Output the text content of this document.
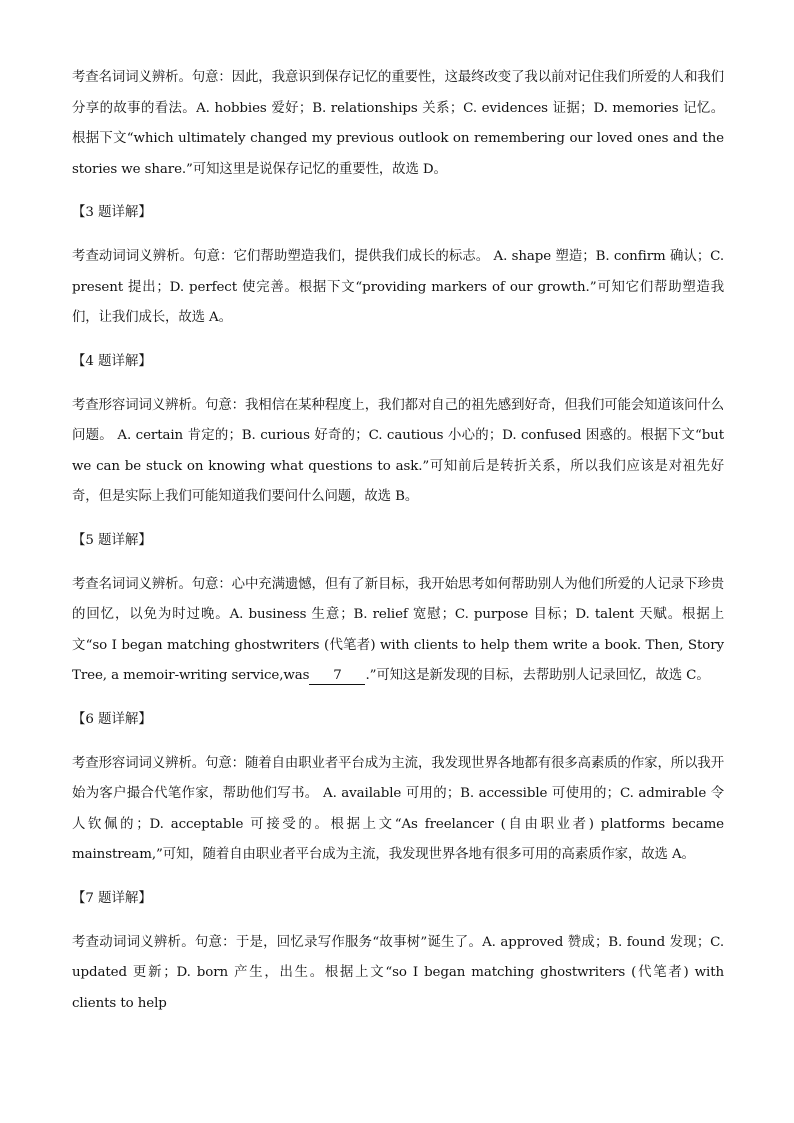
考查名词词义辨析。句意：因此，我意识到保存记忆的重要性，这最终改变了我以前对记住我们所爱的人和我们分享的故事的看法。A. hobbies 爱好；B. relationships 关系；C. evidences 证据；D. memories 记忆。根据下文“which ultimately changed my previous outlook on remembering our loved ones and the stories we share.”可知这里是说保存记忆的重要性，故选 D。

【3 题详解】

考查动词词义辨析。句意：它们帮助塑造我们，提供我们成长的标志。 A. shape 塑造；B. confirm 确认；C. present 提出；D. perfect 使完善。根据下文“providing markers of our growth.”可知它们帮助塑造我们，让我们成长，故选 A。

【4 题详解】

考查形容词词义辨析。句意：我相信在某种程度上，我们都对自己的祖先感到好奇，但我们可能会知道该问什么问题。 A. certain 肯定的；B. curious 好奇的；C. cautious 小心的；D. confused 困惑的。根据下文“but we can be stuck on knowing what questions to ask.”可知前后是转折关系，所以我们应该是对祖先好奇，但是实际上我们可能知道我们要问什么问题，故选 B。

【5 题详解】

考查名词词义辨析。句意：心中充满遗憾，但有了新目标，我开始思考如何帮助别人为他们所爱的人记录下珍贵的回忆，以免为时过晚。A. business 生意；B. relief 宽慰；C. purpose 目标；D. talent 天赋。根据上文“so I began matching ghostwriters (代笔者) with clients to help them write a book. Then, Story Tree, a memoir-writing service,was 7 .”可知这是新发现的目标，去帮助别人记录回忆，故选 C。

【6 题详解】

考查形容词词义辨析。句意：随着自由职业者平台成为主流，我发现世界各地都有很多高素质的作家，所以我开始为客户撮合代笔作家，帮助他们写书。 A. available 可用的；B. accessible 可使用的；C. admirable 令人钦佩的；D. acceptable 可接受的。根据上文“As freelancer (自由职业者) platforms became mainstream,”可知，随着自由职业者平台成为主流，我发现世界各地有很多可用的高素质作家，故选 A。

【7 题详解】

考查动词词义辨析。句意：于是，回忆录写作服务“故事树”诞生了。A. approved 赞成；B. found 发现；C. updated 更新；D. born 产生，出生。根据上文“so I began matching ghostwriters (代笔者) with clients to help
